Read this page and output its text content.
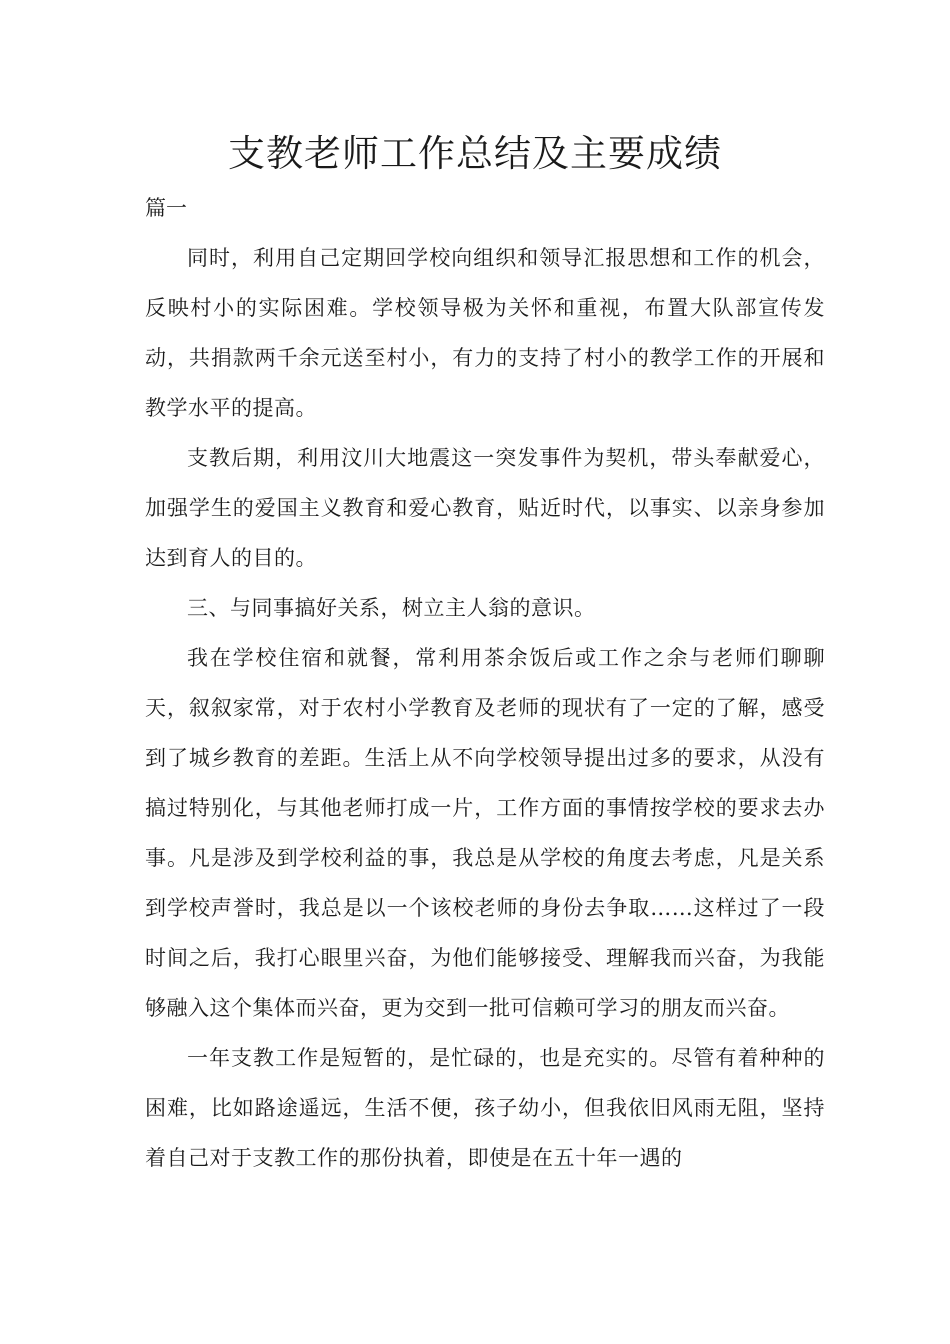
支教老师工作总结及主要成绩

篇一

同时，利用自己定期回学校向组织和领导汇报思想和工作的机会，反映村小的实际困难。学校领导极为关怀和重视，布置大队部宣传发动，共捐款两千余元送至村小，有力的支持了村小的教学工作的开展和教学水平的提高。

支教后期，利用汶川大地震这一突发事件为契机，带头奉献爱心，加强学生的爱国主义教育和爱心教育，贴近时代，以事实、以亲身参加达到育人的目的。

三、与同事搞好关系，树立主人翁的意识。

我在学校住宿和就餐，常利用茶余饭后或工作之余与老师们聊聊天，叙叙家常，对于农村小学教育及老师的现状有了一定的了解，感受到了城乡教育的差距。生活上从不向学校领导提出过多的要求，从没有搞过特别化，与其他老师打成一片，工作方面的事情按学校的要求去办事。凡是涉及到学校利益的事，我总是从学校的角度去考虑，凡是关系到学校声誉时，我总是以一个该校老师的身份去争取……这样过了一段时间之后，我打心眼里兴奋，为他们能够接受、理解我而兴奋，为我能够融入这个集体而兴奋，更为交到一批可信赖可学习的朋友而兴奋。

一年支教工作是短暂的，是忙碌的，也是充实的。尽管有着种种的困难，比如路途遥远，生活不便，孩子幼小，但我依旧风雨无阻，坚持着自己对于支教工作的那份执着，即使是在五十年一遇的
